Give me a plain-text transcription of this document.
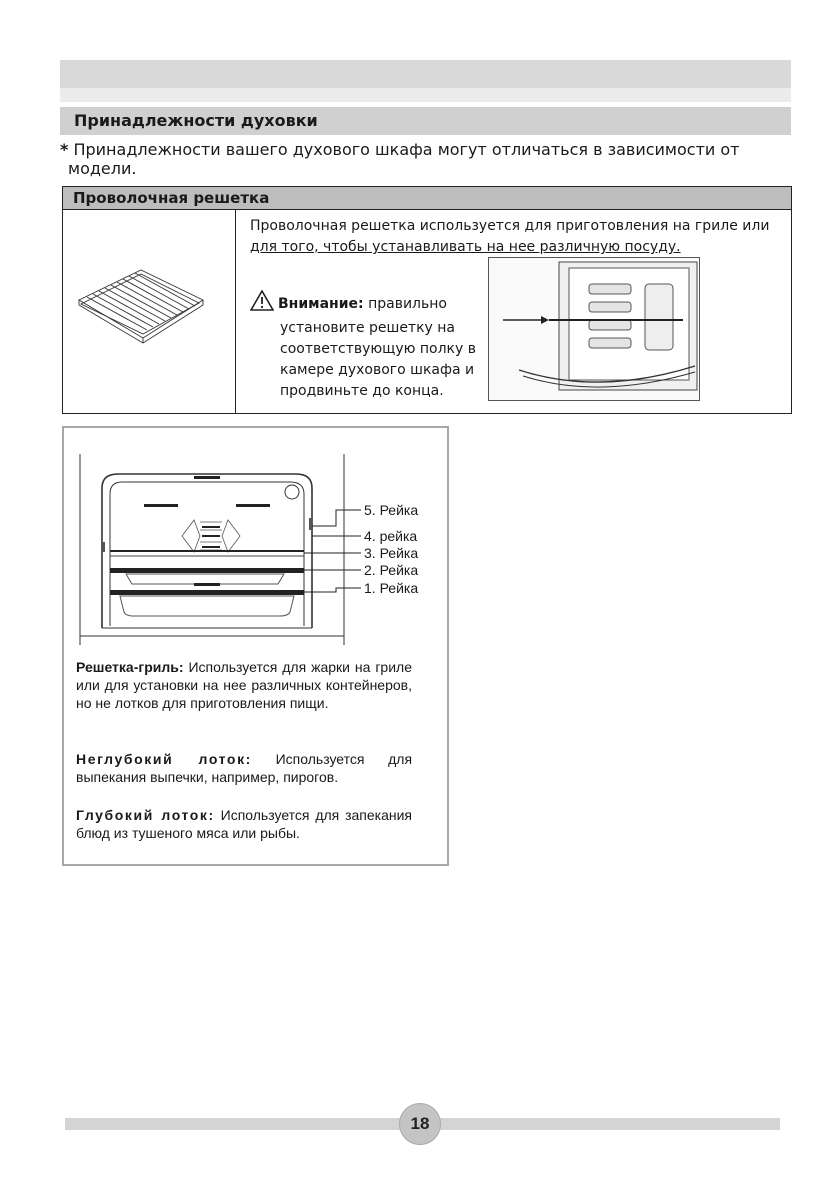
Принадлежности духовки
* Принадлежности вашего духового шкафа могут отличаться в зависимости от
модели.
Проволочная решетка

Проволочная решетка используется для приготовления на гриле или
для того, чтобы устанавливать на нее различную посуду.
Внимание: правильно
установите решетку на
соответствующую полку в
камере духового шкафа и
продвиньте до конца.
5. Рейка
4. рейка
3. Рейка
2. Рейка
1. Рейка
Решетка-гриль: Используется для жарки на гриле или для установки на нее различных контейнеров, но не лотков для приготовления пищи.
Неглубокий лоток: Используется для выпекания выпечки, например, пирогов.
Глубокий лоток: Используется для запекания блюд из тушеного мяса или рыбы.
18
